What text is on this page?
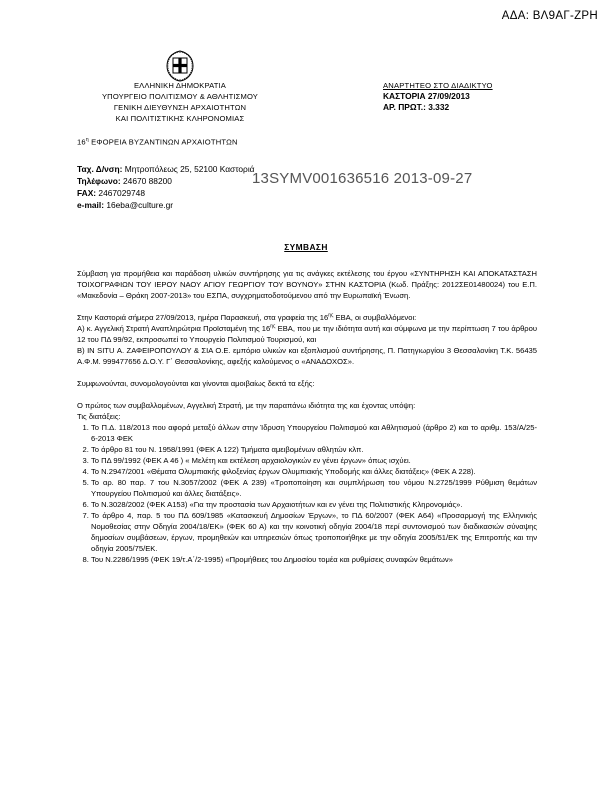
ΑΔΑ: ΒΛ9ΑΓ-ΖΡΗ
ΕΛΛΗΝΙΚΗ ΔΗΜΟΚΡΑΤΙΑ
ΥΠΟΥΡΓΕΙΟ ΠΟΛΙΤΙΣΜΟΥ & ΑΘΛΗΤΙΣΜΟΥ
ΓΕΝΙΚΗ ΔΙΕΥΘΥΝΣΗ ΑΡΧΑΙΟΤΗΤΩΝ
ΚΑΙ ΠΟΛΙΤΙΣΤΙΚΗΣ ΚΛΗΡΟΝΟΜΙΑΣ
ΑΝΑΡΤΗΤΕΟ ΣΤΟ ΔΙΑΔΙΚΤΥΟ
ΚΑΣΤΟΡΙΑ 27/09/2013
ΑΡ. ΠΡΩΤ.: 3.332
$16^\eta$ ΕΦΟΡΕΙΑ ΒΥΖΑΝΤΙΝΩΝ ΑΡΧΑΙΟΤΗΤΩΝ
Ταχ. Δ/νση: Μητροπόλεως 25, 52100 Καστοριά
Τηλέφωνο: 24670 88200
FAX: 2467029748
e-mail: 16eba@culture.gr
13SYMV001636516 2013-09-27
ΣΥΜΒΑΣΗ

Σύμβαση για προμήθεια και παράδοση υλικών συντήρησης για τις ανάγκες εκτέλεσης του έργου «ΣΥΝΤΗΡΗΣΗ ΚΑΙ ΑΠΟΚΑΤΑΣΤΑΣΗ ΤΟΙΧΟΓΡΑΦΙΩΝ ΤΟΥ ΙΕΡΟΥ ΝΑΟΥ ΑΓΙΟΥ ΓΕΩΡΓΙΟΥ ΤΟΥ ΒΟΥΝΟΥ» ΣΤΗΝ ΚΑΣΤΟΡΙΑ (Κωδ. Πράξης: 2012ΣΕ01480024) του Ε.Π. «Μακεδονία – Θράκη 2007-2013» του ΕΣΠΑ, συγχρηματοδοτούμενου από την Ευρωπαϊκή Ένωση.

Στην Καστοριά σήμερα 27/09/2013, ημέρα Παρασκευή, στα γραφεία της $16^{\eta\varsigma}$ ΕΒΑ, οι συμβαλλόμενοι:

Α) κ. Αγγελική Στρατή Αναπληρώτρια Προϊσταμένη της $16^{\eta\varsigma}$ ΕΒΑ, που με την ιδιότητα αυτή και σύμφωνα με την περίπτωση 7 του άρθρου 12 του ΠΔ 99/92, εκπροσωπεί το Υπουργείο Πολιτισμού Τουρισμού, και

Β) IN SITU Α. ΖΑΦΕΙΡΟΠΟΥΛΟΥ & ΣΙΑ Ο.Ε. εμπόριο υλικών και εξοπλισμού συντήρησης, Π. Πατηγιωργίου 3 Θεσσαλονίκη Τ.Κ. 56435 Α.Φ.Μ. 999477656 Δ.Ο.Υ. Γ΄ Θεσσαλονίκης, αφεξής καλούμενος ο «ΑΝΑΔΟΧΟΣ».

Συμφωνούνται, συνομολογούνται και γίνονται αμοιβαίως δεκτά τα εξής:

Ο πρώτος των συμβαλλομένων, Αγγελική Στρατή, με την παραπάνω ιδιότητα της και έχοντας υπόψη:

Τις διατάξεις:

1. Το Π.Δ. 118/2013 που αφορά μεταξύ άλλων στην Ίδρυση Υπουργείου Πολιτισμού και Αθλητισμού (άρθρο 2) και το αριθμ. 153/Α/25-6-2013 ΦΕΚ
2. Το άρθρο 81 του Ν. 1958/1991 (ΦΕΚ Α 122) Τμήματα αμειβομένων αθλητών κλπ.
3. Το ΠΔ 99/1992 (ΦΕΚ Α 46 ) « Μελέτη και εκτέλεση αρχαιολογικών εν γένει έργων» όπως ισχύει.
4. Το Ν.2947/2001 «Θέματα Ολυμπιακής φιλοξενίας έργων Ολυμπιακής Υποδομής και άλλες διατάξεις» (ΦΕΚ Α 228).
5. Το αρ. 80 παρ. 7 του Ν.3057/2002 (ΦΕΚ Α 239) «Τροποποίηση και συμπλήρωση του νόμου Ν.2725/1999 Ρύθμιση θεμάτων Υπουργείου Πολιτισμού και άλλες διατάξεις».
6. Το Ν.3028/2002 (ΦΕΚ Α153) «Για την προστασία των Αρχαιοτήτων και εν γένει της Πολιτιστικής Κληρονομιάς».
7. Το άρθρο 4, παρ. 5 του ΠΔ 609/1985 «Κατασκευή Δημοσίων Έργων», το ΠΔ 60/2007 (ΦΕΚ Α64) «Προσαρμογή της Ελληνικής Νομοθεσίας στην Οδηγία 2004/18/ΕΚ» (ΦΕΚ 60 Α) και την κοινοτική οδηγία 2004/18 περί συντονισμού των διαδικασιών σύναψης δημοσίων συμβάσεων, έργων, προμηθειών και υπηρεσιών όπως τροποποιήθηκε με την οδηγία 2005/51/ΕΚ της Επιτροπής και την οδηγία 2005/75/ΕΚ.
8. Του Ν.2286/1995 (ΦΕΚ 19/τ.Α΄/2-1995) «Προμήθειες του Δημοσίου τομέα και ρυθμίσεις συναφών θεμάτων»
